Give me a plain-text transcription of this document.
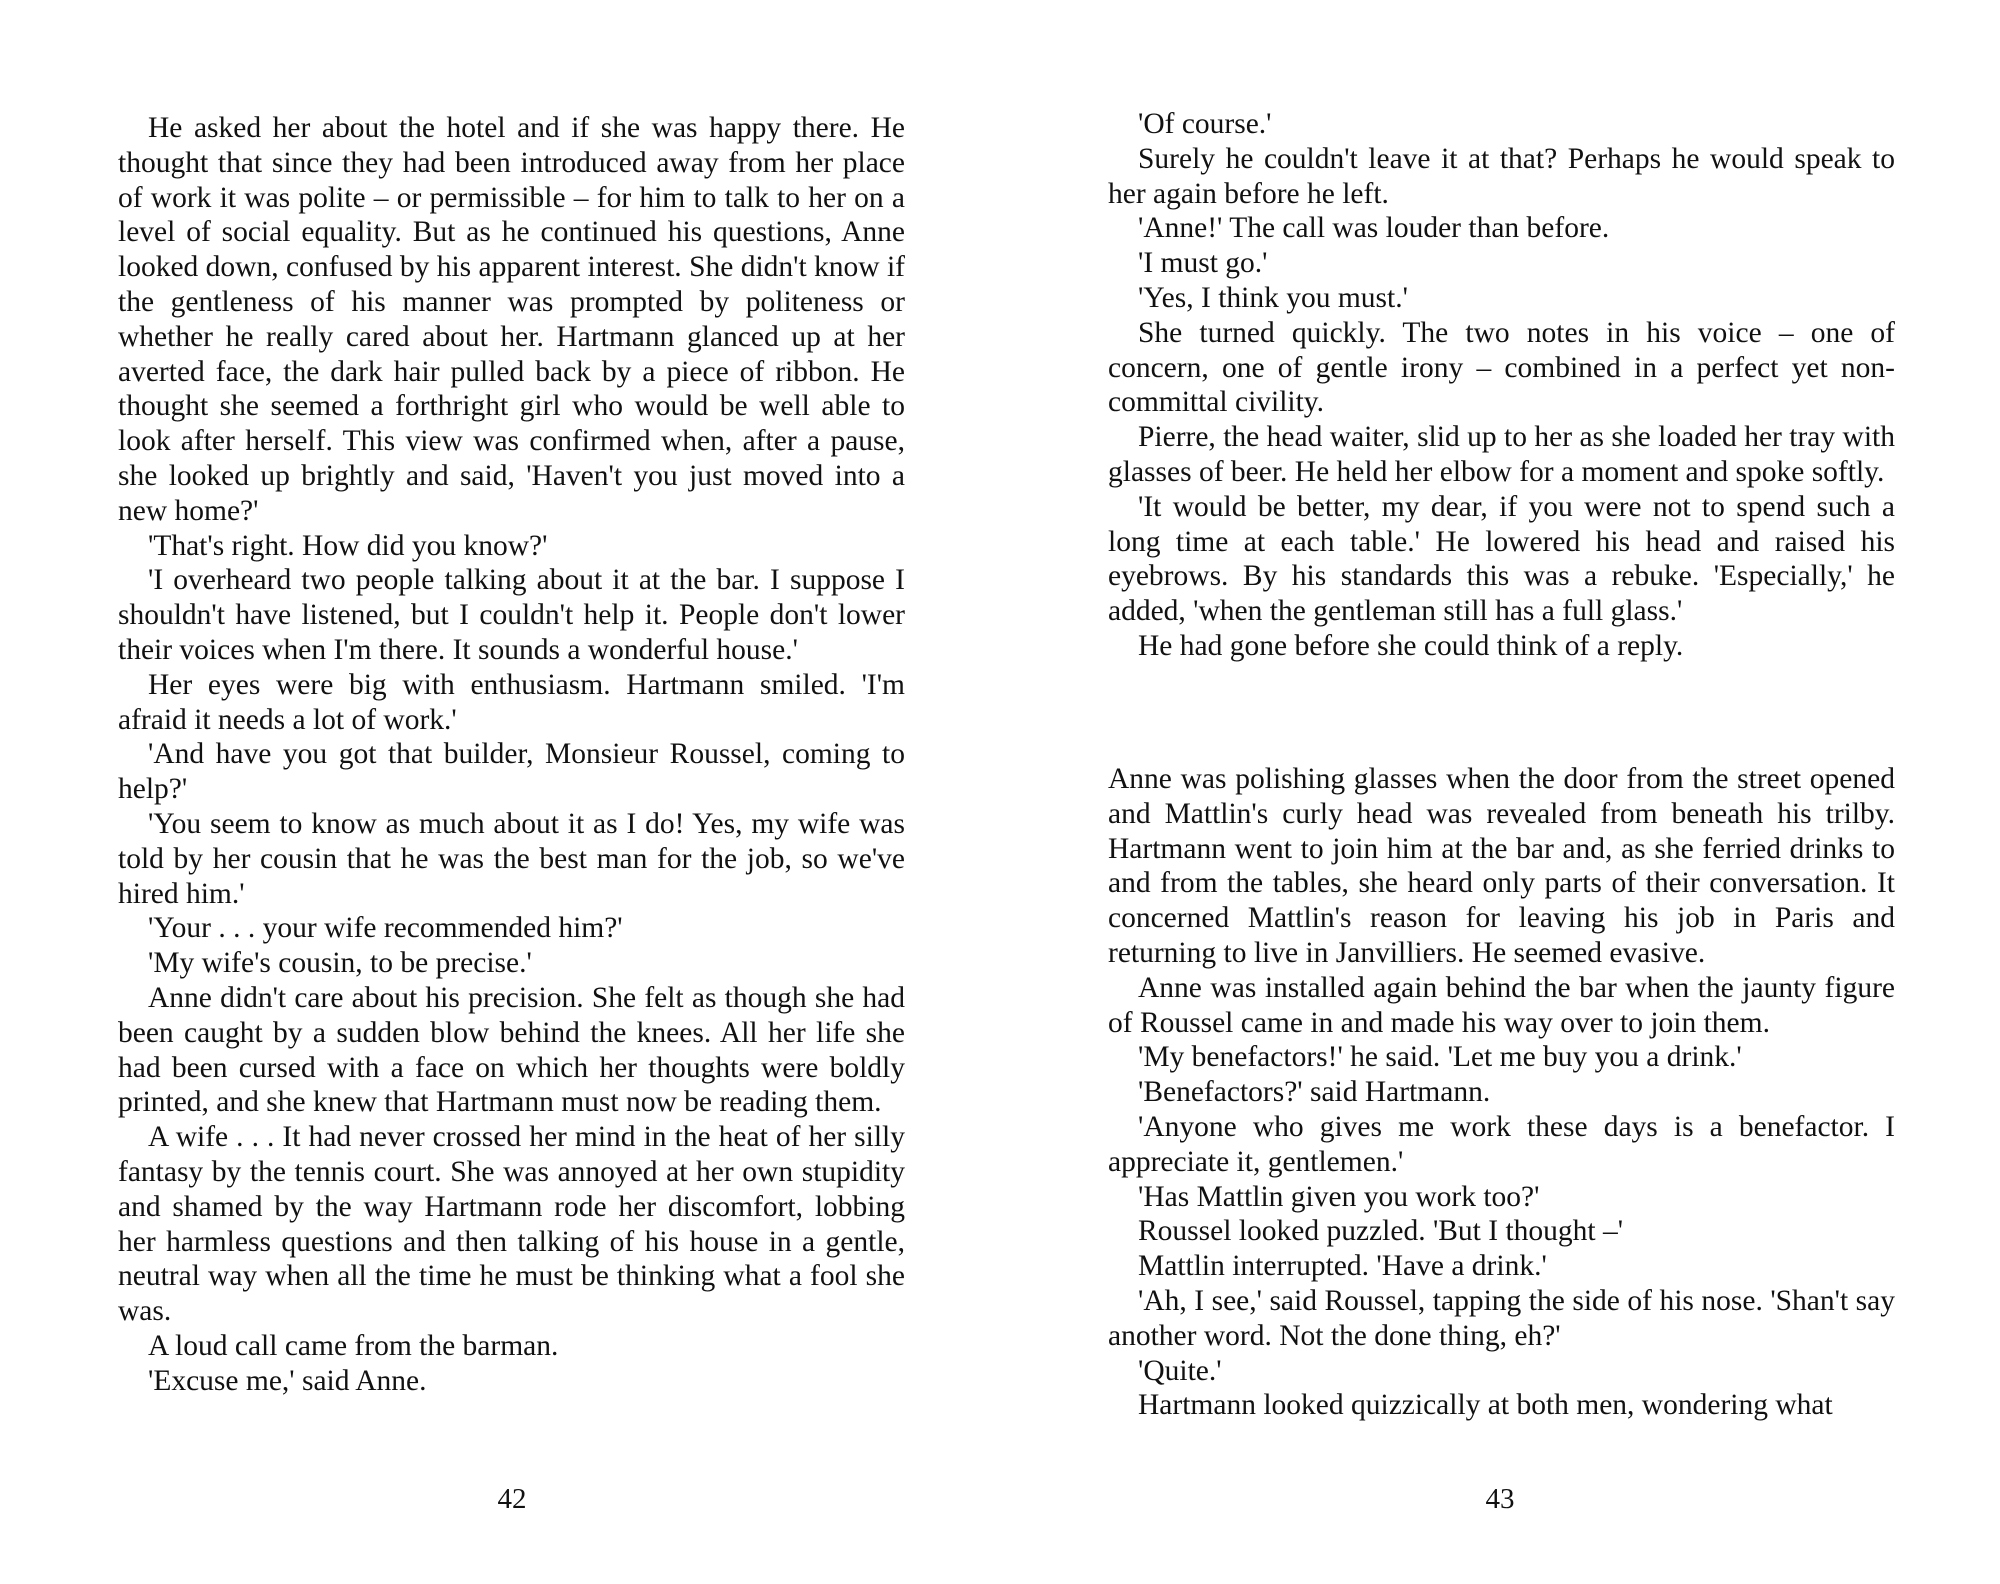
He asked her about the hotel and if she was happy there. He thought that since they had been introduced away from her place of work it was polite – or permissible – for him to talk to her on a level of social equality. But as he continued his questions, Anne looked down, confused by his apparent interest. She didn't know if the gentleness of his manner was prompted by politeness or whether he really cared about her. Hartmann glanced up at her averted face, the dark hair pulled back by a piece of ribbon. He thought she seemed a forthright girl who would be well able to look after herself. This view was confirmed when, after a pause, she looked up brightly and said, 'Haven't you just moved into a new home?'

'That's right. How did you know?'

'I overheard two people talking about it at the bar. I suppose I shouldn't have listened, but I couldn't help it. People don't lower their voices when I'm there. It sounds a wonderful house.'

Her eyes were big with enthusiasm. Hartmann smiled. 'I'm afraid it needs a lot of work.'

'And have you got that builder, Monsieur Roussel, coming to help?'

'You seem to know as much about it as I do! Yes, my wife was told by her cousin that he was the best man for the job, so we've hired him.'

'Your . . . your wife recommended him?'

'My wife's cousin, to be precise.'

Anne didn't care about his precision. She felt as though she had been caught by a sudden blow behind the knees. All her life she had been cursed with a face on which her thoughts were boldly printed, and she knew that Hartmann must now be reading them.

A wife . . . It had never crossed her mind in the heat of her silly fantasy by the tennis court. She was annoyed at her own stupidity and shamed by the way Hartmann rode her discomfort, lobbing her harmless questions and then talking of his house in a gentle, neutral way when all the time he must be thinking what a fool she was.

A loud call came from the barman.

'Excuse me,' said Anne.

42

'Of course.'

Surely he couldn't leave it at that? Perhaps he would speak to her again before he left.

'Anne!' The call was louder than before.

'I must go.'

'Yes, I think you must.'

She turned quickly. The two notes in his voice – one of concern, one of gentle irony – combined in a perfect yet noncommittal civility.

Pierre, the head waiter, slid up to her as she loaded her tray with glasses of beer. He held her elbow for a moment and spoke softly.

'It would be better, my dear, if you were not to spend such a long time at each table.' He lowered his head and raised his eyebrows. By his standards this was a rebuke. 'Especially,' he added, 'when the gentleman still has a full glass.'

He had gone before she could think of a reply.

Anne was polishing glasses when the door from the street opened and Mattlin's curly head was revealed from beneath his trilby. Hartmann went to join him at the bar and, as she ferried drinks to and from the tables, she heard only parts of their conversation. It concerned Mattlin's reason for leaving his job in Paris and returning to live in Janvilliers. He seemed evasive.

Anne was installed again behind the bar when the jaunty figure of Roussel came in and made his way over to join them.

'My benefactors!' he said. 'Let me buy you a drink.'

'Benefactors?' said Hartmann.

'Anyone who gives me work these days is a benefactor. I appreciate it, gentlemen.'

'Has Mattlin given you work too?'

Roussel looked puzzled. 'But I thought –'

Mattlin interrupted. 'Have a drink.'

'Ah, I see,' said Roussel, tapping the side of his nose. 'Shan't say another word. Not the done thing, eh?'

'Quite.'

Hartmann looked quizzically at both men, wondering what

43
